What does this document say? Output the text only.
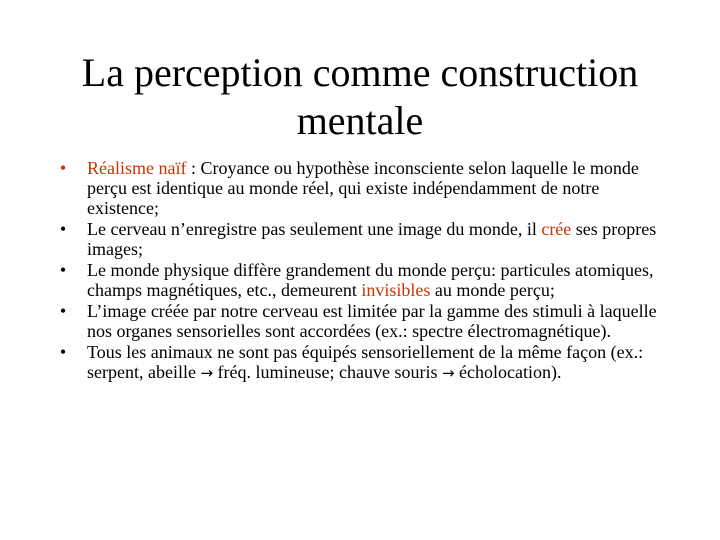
La perception comme construction
mentale
• Réalisme naïf : Croyance ou hypothèse inconsciente selon laquelle le monde perçu est identique au monde réel, qui existe indépendamment de notre existence;
• Le cerveau n’enregistre pas seulement une image du monde, il crée ses propres images;
• Le monde physique diffère grandement du monde perçu: particules atomiques, champs magnétiques, etc., demeurent invisibles au monde perçu;
• L’image créée par notre cerveau est limitée par la gamme des stimuli à laquelle nos organes sensorielles sont accordées (ex.: spectre électromagnétique).
• Tous les animaux ne sont pas équipés sensoriellement de la même façon (ex.: serpent, abeille → fréq. lumineuse; chauve souris → écholocation).
